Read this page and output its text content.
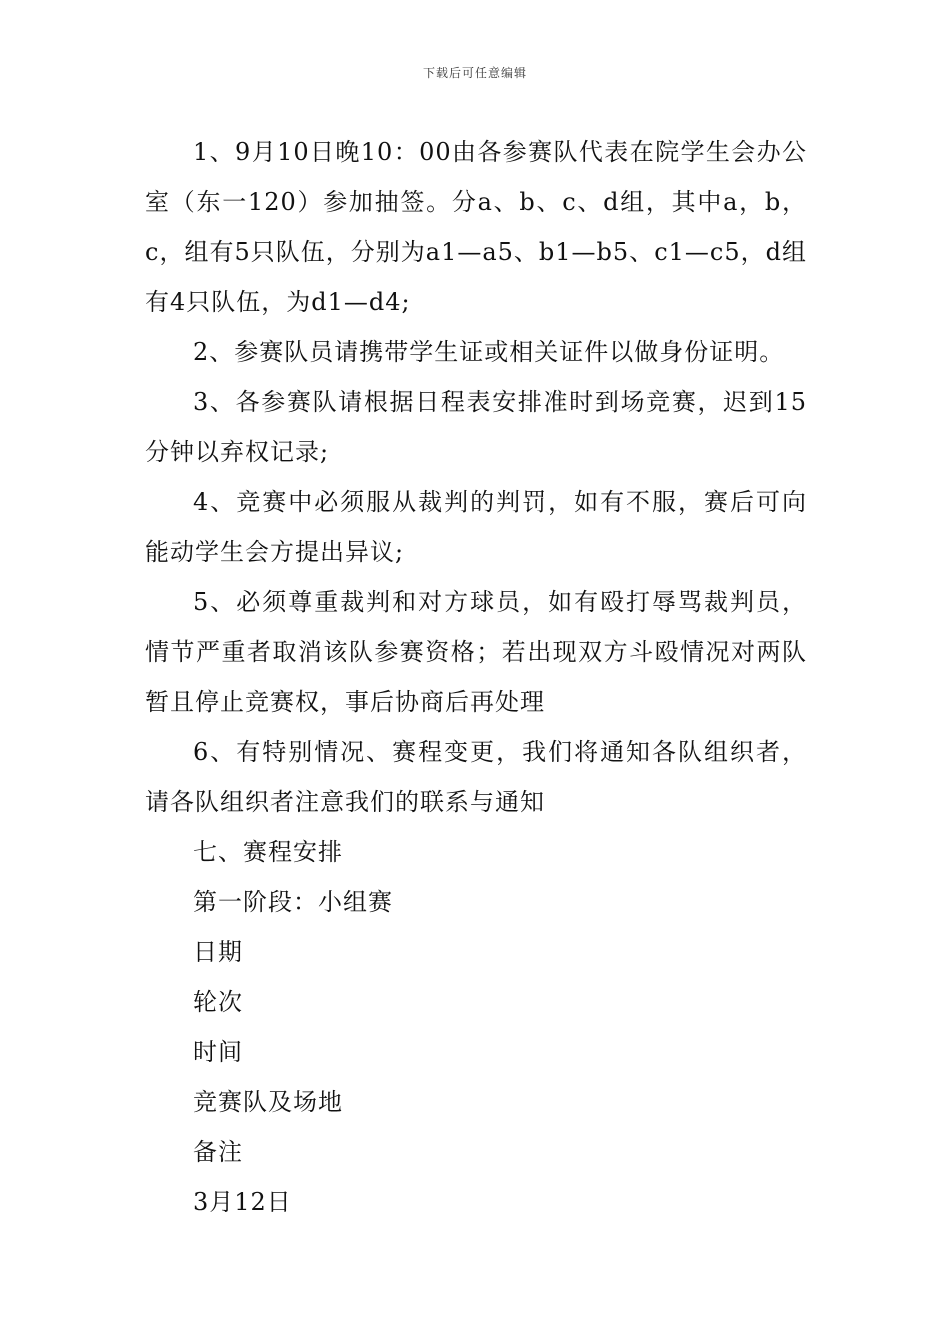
下载后可任意编辑

1、9月10日晚10：00由各参赛队代表在院学生会办公室（东一120）参加抽签。分a、b、c、d组，其中a，b，c，组有5只队伍，分别为a1—a5、b1—b5、c1—c5，d组有4只队伍，为d1—d4;

2、参赛队员请携带学生证或相关证件以做身份证明。

3、各参赛队请根据日程表安排准时到场竞赛，迟到15分钟以弃权记录;

4、竞赛中必须服从裁判的判罚，如有不服，赛后可向能动学生会方提出异议;

5、必须尊重裁判和对方球员，如有殴打辱骂裁判员，情节严重者取消该队参赛资格；若出现双方斗殴情况对两队暂且停止竞赛权，事后协商后再处理

6、有特别情况、赛程变更，我们将通知各队组织者，请各队组织者注意我们的联系与通知

七、赛程安排

第一阶段：小组赛

日期

轮次

时间

竞赛队及场地

备注

3月12日
